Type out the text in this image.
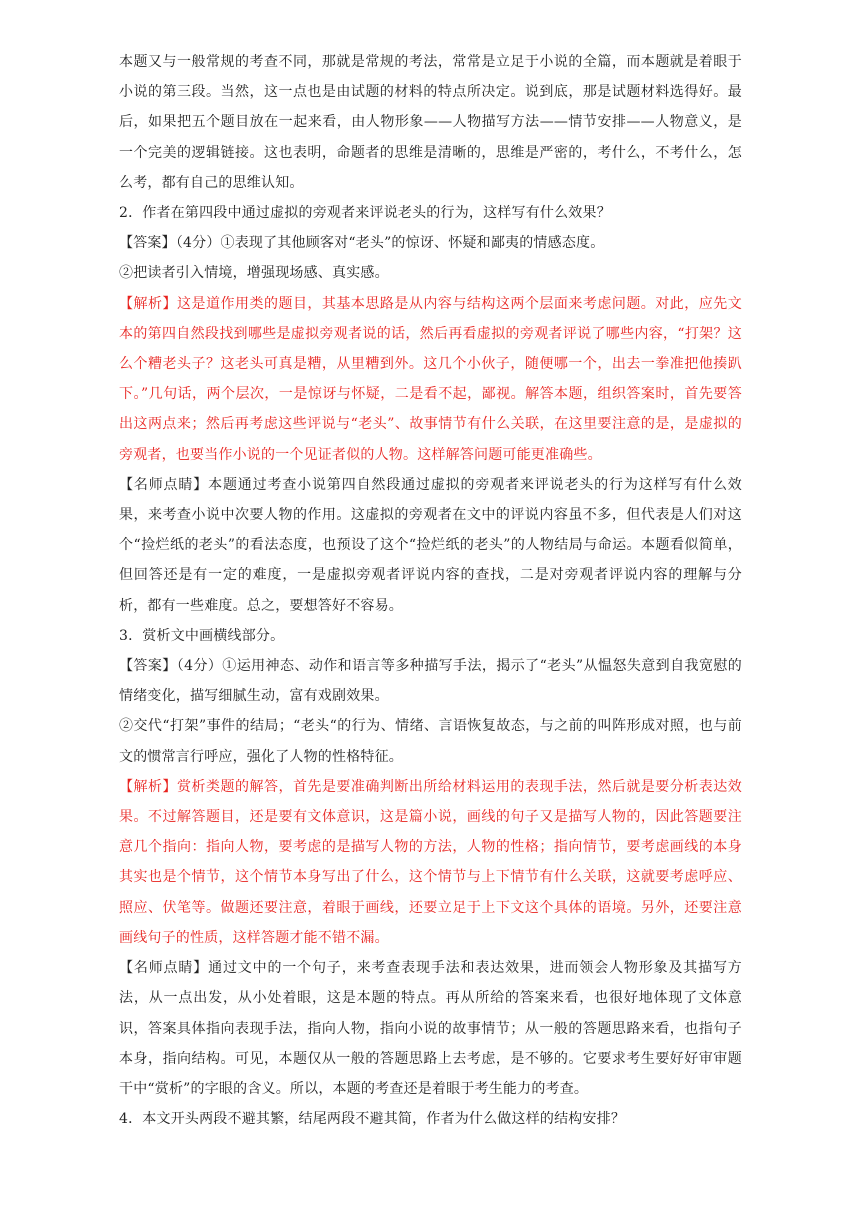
本题又与一般常规的考查不同，那就是常规的考法，常常是立足于小说的全篇，而本题就是着眼于小说的第三段。当然，这一点也是由试题的材料的特点所决定。说到底，那是试题材料选得好。最后，如果把五个题目放在一起来看，由人物形象——人物描写方法——情节安排——人物意义，是一个完美的逻辑链接。这也表明，命题者的思维是清晰的，思维是严密的，考什么，不考什么，怎么考，都有自己的思维认知。

2．作者在第四段中通过虚拟的旁观者来评说老头的行为，这样写有什么效果？

【答案】（4分）①表现了其他顾客对“老头”的惊讶、怀疑和鄙夷的情感态度。

②把读者引入情境，增强现场感、真实感。

【解析】这是道作用类的题目，其基本思路是从内容与结构这两个层面来考虑问题。对此，应先文本的第四自然段找到哪些是虚拟旁观者说的话，然后再看虚拟的旁观者评说了哪些内容，“打架？这么个糟老头子？这老头可真是糟，从里糟到外。这几个小伙子，随便哪一个，出去一拳准把他揍趴下。”几句话，两个层次，一是惊讶与怀疑，二是看不起，鄙视。解答本题，组织答案时，首先要答出这两点来；然后再考虑这些评说与“老头”、故事情节有什么关联，在这里要注意的是，是虚拟的旁观者，也要当作小说的一个见证者似的人物。这样解答问题可能更准确些。

【名师点睛】本题通过考查小说第四自然段通过虚拟的旁观者来评说老头的行为这样写有什么效果，来考查小说中次要人物的作用。这虚拟的旁观者在文中的评说内容虽不多，但代表是人们对这个“捡烂纸的老头”的看法态度，也预设了这个“捡烂纸的老头”的人物结局与命运。本题看似简单，但回答还是有一定的难度，一是虚拟旁观者评说内容的查找，二是对旁观者评说内容的理解与分析，都有一些难度。总之，要想答好不容易。

3．赏析文中画横线部分。

【答案】（4分）①运用神态、动作和语言等多种描写手法，揭示了“老头”从愠怒失意到自我宽慰的情绪变化，描写细腻生动，富有戏剧效果。

②交代“打架”事件的结局；“老头“的行为、情绪、言语恢复故态，与之前的叫阵形成对照，也与前文的惯常言行呼应，强化了人物的性格特征。

【解析】赏析类题的解答，首先是要准确判断出所给材料运用的表现手法，然后就是要分析表达效果。不过解答题目，还是要有文体意识，这是篇小说，画线的句子又是描写人物的，因此答题要注意几个指向：指向人物，要考虑的是描写人物的方法，人物的性格；指向情节，要考虑画线的本身其实也是个情节，这个情节本身写出了什么，这个情节与上下情节有什么关联，这就要考虑呼应、照应、伏笔等。做题还要注意，着眼于画线，还要立足于上下文这个具体的语境。另外，还要注意画线句子的性质，这样答题才能不错不漏。

【名师点睛】通过文中的一个句子，来考查表现手法和表达效果，进而领会人物形象及其描写方法，从一点出发，从小处着眼，这是本题的特点。再从所给的答案来看，也很好地体现了文体意识，答案具体指向表现手法，指向人物，指向小说的故事情节；从一般的答题思路来看，也指句子本身，指向结构。可见，本题仅从一般的答题思路上去考虑，是不够的。它要求考生要好好审审题干中“赏析”的字眼的含义。所以，本题的考查还是着眼于考生能力的考查。

4．本文开头两段不避其繁，结尾两段不避其简，作者为什么做这样的结构安排？
